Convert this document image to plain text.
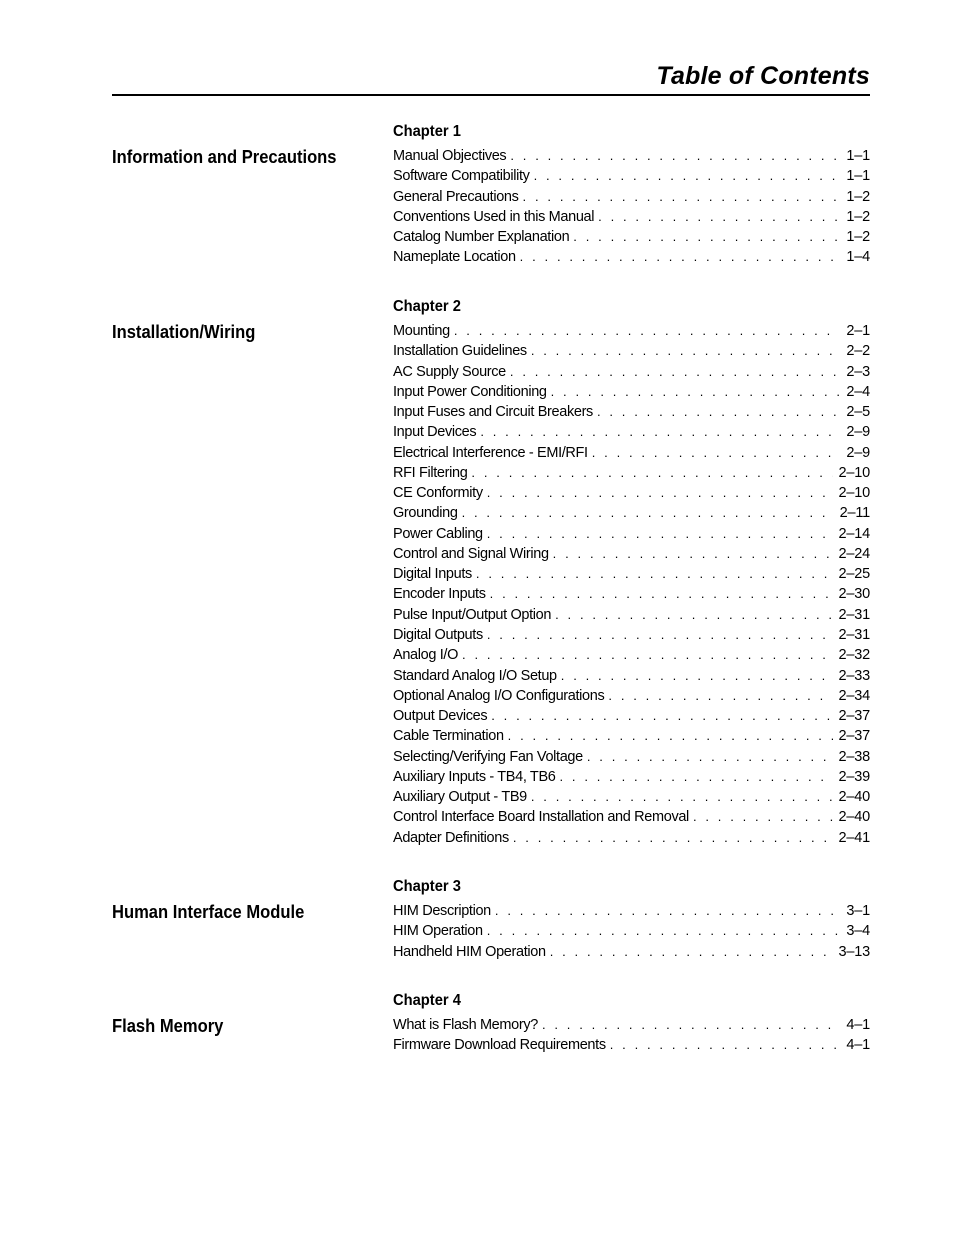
Table of Contents
Chapter 1
Information and Precautions	Manual Objectives . . .	1–1
Software Compatibility . . .	1–1
General Precautions . . .	1–2
Conventions Used in this Manual . . .	1–2
Catalog Number Explanation . . .	1–2
Nameplate Location . . .	1–4
Chapter 2
Installation/Wiring	Mounting . . .	2–1
Installation Guidelines . . .	2–2
AC Supply Source . . .	2–3
Input Power Conditioning . . .	2–4
Input Fuses and Circuit Breakers . . .	2–5
Input Devices . . .	2–9
Electrical Interference - EMI/RFI . . .	2–9
RFI Filtering . . .	2–10
CE Conformity . . .	2–10
Grounding . . .	2–11
Power Cabling . . .	2–14
Control and Signal Wiring . . .	2–24
Digital Inputs . . .	2–25
Encoder Inputs . . .	2–30
Pulse Input/Output Option . . .	2–31
Digital Outputs . . .	2–31
Analog I/O . . .	2–32
Standard Analog I/O Setup . . .	2–33
Optional Analog I/O Configurations . . .	2–34
Output Devices . . .	2–37
Cable Termination . . .	2–37
Selecting/Verifying Fan Voltage . . .	2–38
Auxiliary Inputs - TB4, TB6 . . .	2–39
Auxiliary Output - TB9 . . .	2–40
Control Interface Board Installation and Removal . . .	2–40
Adapter Definitions . . .	2–41
Chapter 3
Human Interface Module	HIM Description . . .	3–1
HIM Operation . . .	3–4
Handheld HIM Operation . . .	3–13
Chapter 4
Flash Memory	What is Flash Memory? . . .	4–1
Firmware Download Requirements . . .	4–1
